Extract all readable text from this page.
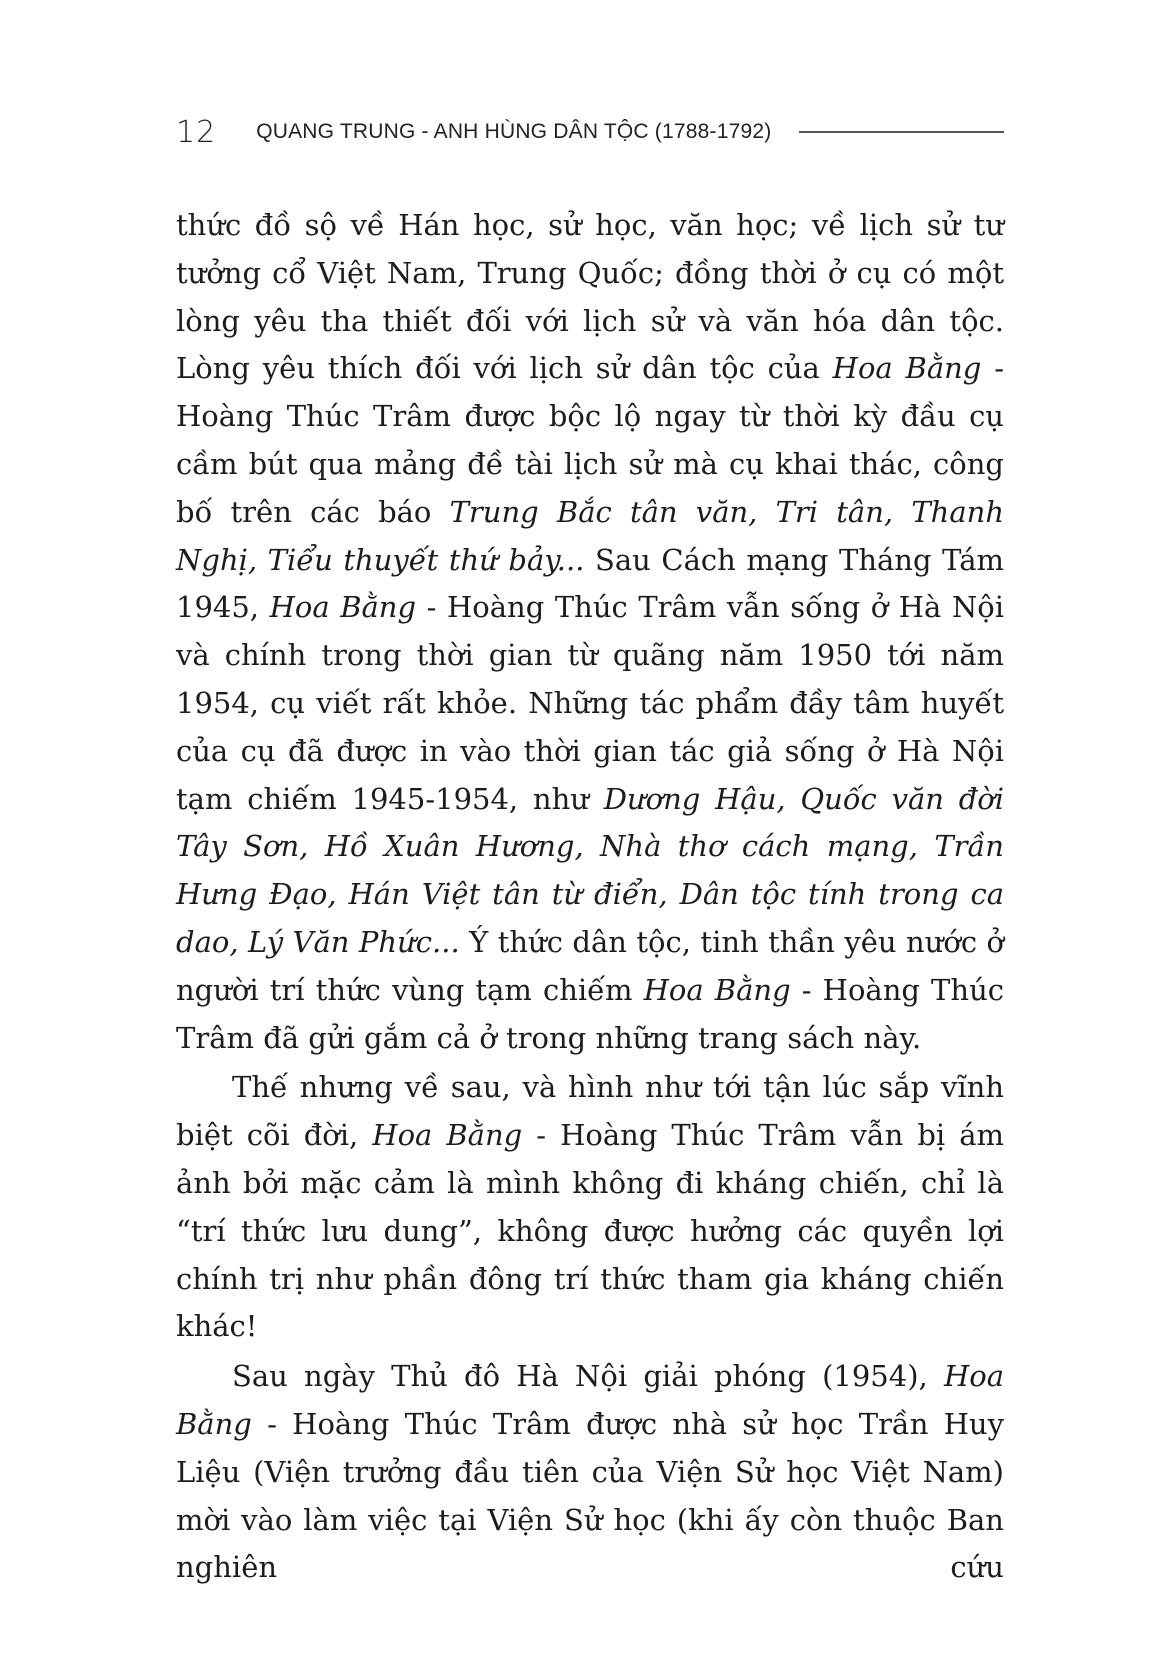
12 QUANG TRUNG - ANH HÙNG DÂN TỘC (1788-1792)

thức đồ sộ về Hán học, sử học, văn học; về lịch sử tư tưởng cổ Việt Nam, Trung Quốc; đồng thời ở cụ có một lòng yêu tha thiết đối với lịch sử và văn hóa dân tộc. Lòng yêu thích đối với lịch sử dân tộc của Hoa Bằng - Hoàng Thúc Trâm được bộc lộ ngay từ thời kỳ đầu cụ cầm bút qua mảng đề tài lịch sử mà cụ khai thác, công bố trên các báo Trung Bắc tân văn, Tri tân, Thanh Nghị, Tiểu thuyết thứ bảy... Sau Cách mạng Tháng Tám 1945, Hoa Bằng - Hoàng Thúc Trâm vẫn sống ở Hà Nội và chính trong thời gian từ quãng năm 1950 tới năm 1954, cụ viết rất khỏe. Những tác phẩm đầy tâm huyết của cụ đã được in vào thời gian tác giả sống ở Hà Nội tạm chiếm 1945-1954, như Dương Hậu, Quốc văn đời Tây Sơn, Hồ Xuân Hương, Nhà thơ cách mạng, Trần Hưng Đạo, Hán Việt tân từ điển, Dân tộc tính trong ca dao, Lý Văn Phức... Ý thức dân tộc, tinh thần yêu nước ở người trí thức vùng tạm chiếm Hoa Bằng - Hoàng Thúc Trâm đã gửi gắm cả ở trong những trang sách này.

Thế nhưng về sau, và hình như tới tận lúc sắp vĩnh biệt cõi đời, Hoa Bằng - Hoàng Thúc Trâm vẫn bị ám ảnh bởi mặc cảm là mình không đi kháng chiến, chỉ là “trí thức lưu dung”, không được hưởng các quyền lợi chính trị như phần đông trí thức tham gia kháng chiến khác!

Sau ngày Thủ đô Hà Nội giải phóng (1954), Hoa Bằng - Hoàng Thúc Trâm được nhà sử học Trần Huy Liệu (Viện trưởng đầu tiên của Viện Sử học Việt Nam) mời vào làm việc tại Viện Sử học (khi ấy còn thuộc Ban nghiên cứu
